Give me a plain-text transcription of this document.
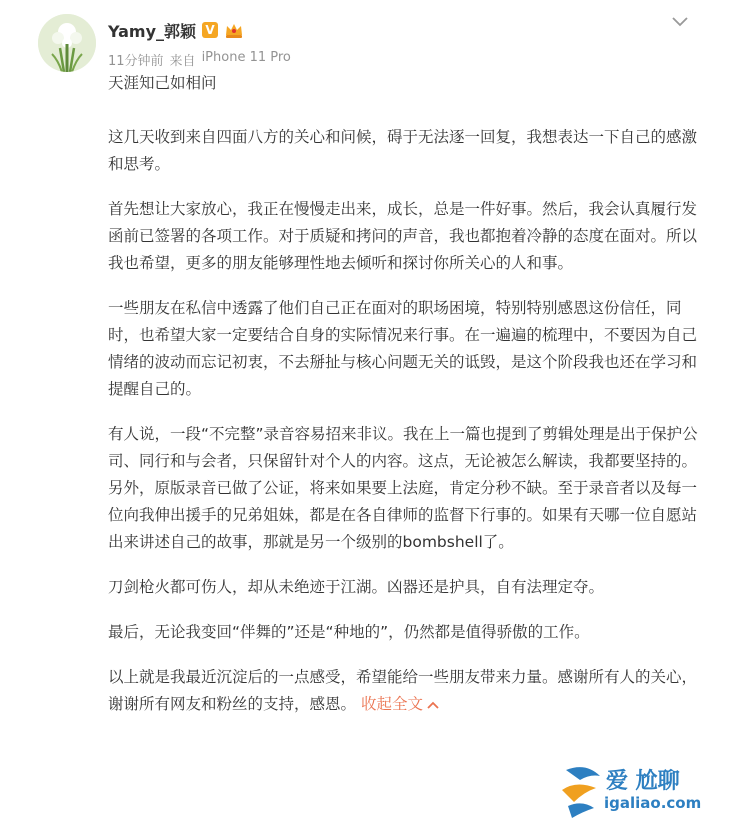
Yamy_郭颖 V
11分钟前 来自 iPhone 11 Pro

天涯知己如相问

这几天收到来自四面八方的关心和问候，碍于无法逐一回复，我想表达一下自己的感激和思考。

首先想让大家放心，我正在慢慢走出来，成长，总是一件好事。然后，我会认真履行发函前已签署的各项工作。对于质疑和拷问的声音，我也都抱着冷静的态度在面对。所以我也希望，更多的朋友能够理性地去倾听和探讨你所关心的人和事。

一些朋友在私信中透露了他们自己正在面对的职场困境，特别特别感恩这份信任，同时，也希望大家一定要结合自身的实际情况来行事。在一遍遍的梳理中，不要因为自己情绪的波动而忘记初衷，不去掰扯与核心问题无关的诋毁，是这个阶段我也还在学习和提醒自己的。

有人说，一段“不完整”录音容易招来非议。我在上一篇也提到了剪辑处理是出于保护公司、同行和与会者，只保留针对个人的内容。这点，无论被怎么解读，我都要坚持的。另外，原版录音已做了公证，将来如果要上法庭，肯定分秒不缺。至于录音者以及每一位向我伸出援手的兄弟姐妹，都是在各自律师的监督下行事的。如果有天哪一位自愿站出来讲述自己的故事，那就是另一个级别的bombshell了。

刀剑枪火都可伤人，却从未绝迹于江湖。凶器还是护具，自有法理定夺。

最后，无论我变回“伴舞的”还是“种地的”，仍然都是值得骄傲的工作。

以上就是我最近沉淀后的一点感受，希望能给一些朋友带来力量。感谢所有人的关心，谢谢所有网友和粉丝的支持，感恩。 收起全文

爱 尬聊
igaliao.com
